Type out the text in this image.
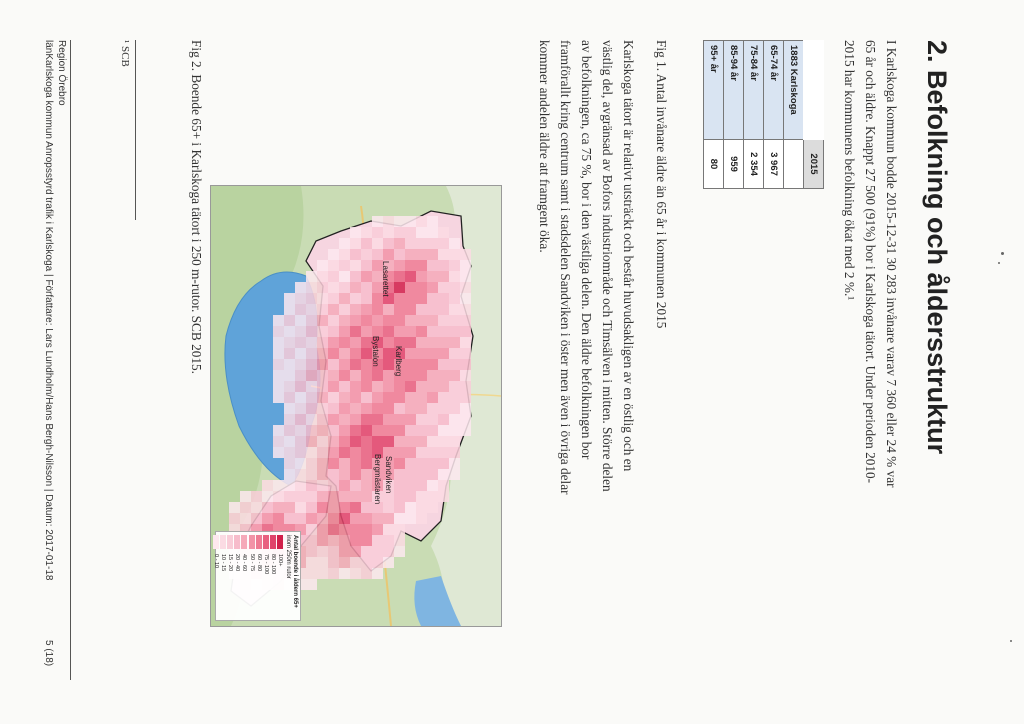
2. Befolkning och åldersstruktur
I Karlskoga kommun bodde 2015-12-31 30 283 invånare varav 7 360 eller 24 % var
65 år och äldre. Knappt 27 500 (91%) bor i Karlskoga tätort. Under perioden 2010-
2015 har kommunens befolkning ökat med 2 %.¹
	2015
1883 Karlskoga	
65-74 år	3 967
75-84 år	2 354
85-94 år	959
95+ år	80
Fig 1. Antal invånare äldre än 65 år i kommunen 2015
Karlskoga tätort är relativt utsträckt och består huvudsakligen av en östlig och en
västlig del, avgränsad av Bofors industriområde och Timsälven i mitten. Större delen
av befolkningen, ca 75 %, bor i den västliga delen. Den äldre befolkningen bor
framförallt kring centrum samt i stadsdelen Sandviken i öster men även i övriga delar
kommer andelen äldre att framgent öka.
Karlberg
Bystalon
Lasarettet
Sandviken
Bergmästaren
Antal boende i åldern 65+
inom 250m rutor
100+
80 - 100
75 - 100
60 - 80
50 - 75
40 - 60
20 - 40
15 - 20
10 - 15
0 - 10
Fig 2. Boende 65+ i Karlskoga tätort i 250 m-rutor. SCB 2015.
¹ SCB
Region Örebro
länKarlskoga kommun Anropsstyrd trafik i Karlskoga | Författare: Lars Lundholm/Hans Bergh-Nilsson | Datum: 2017-01-18
5 (18)
